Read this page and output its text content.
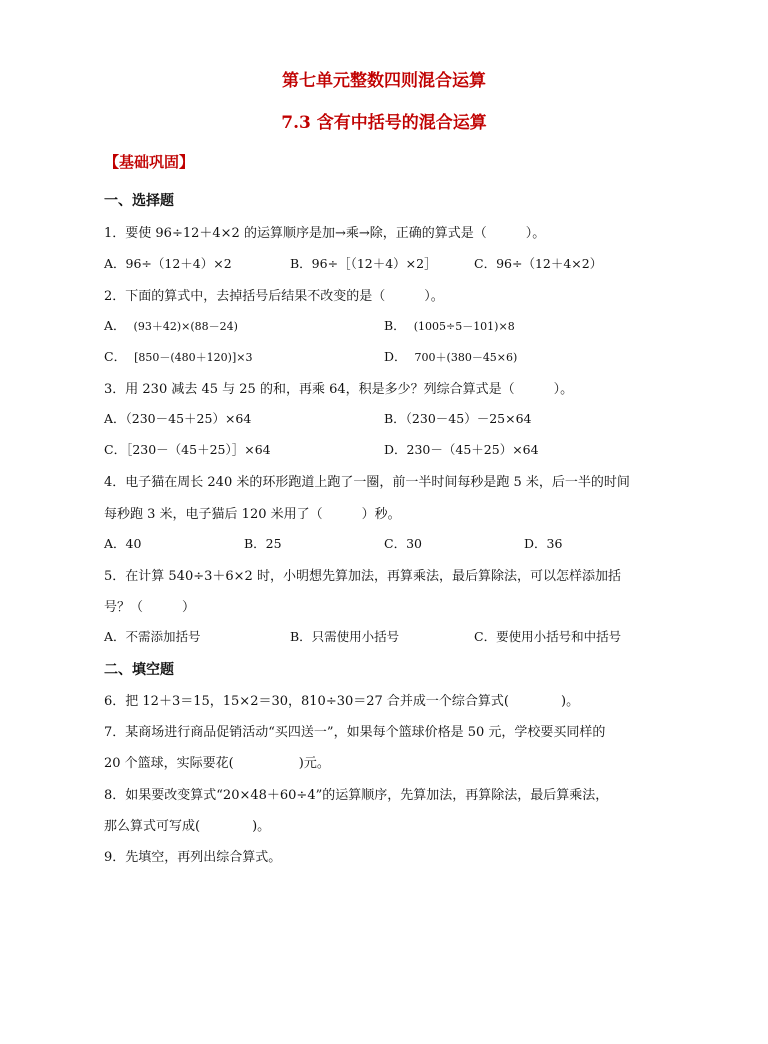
第七单元整数四则混合运算
7.3 含有中括号的混合运算
【基础巩固】
一、选择题
1．要使 96÷12＋4×2 的运算顺序是加→乘→除，正确的算式是（　　　）。
A．96÷（12＋4）×2	B．96÷［（12＋4）×2］	C．96÷（12＋4×2）
2．下面的算式中，去掉括号后结果不改变的是（　　　）。
A． (93＋42)×(88－24)	B． (1005÷5－101)×8
C． [850－(480＋120)]×3	D． 700＋(380－45×6)
3．用 230 减去 45 与 25 的和，再乘 64，积是多少？列综合算式是（　　　）。
A．（230－45＋25）×64	B．（230－45）－25×64
C．［230－（45＋25）］×64	D．230－（45＋25）×64
4．电子猫在周长 240 米的环形跑道上跑了一圈，前一半时间每秒是跑 5 米，后一半的时间
每秒跑 3 米，电子猫后 120 米用了（　　　）秒。
A．40	B．25	C．30	D．36
5．在计算 540÷3＋6×2 时，小明想先算加法，再算乘法，最后算除法，可以怎样添加括
号？（　　　）
A．不需添加括号	B．只需使用小括号	C．要使用小括号和中括号
二、填空题
6．把 12＋3＝15，15×2＝30，810÷30＝27 合并成一个综合算式(　　　　)。
7．某商场进行商品促销活动“买四送一”，如果每个篮球价格是 50 元，学校要买同样的
20 个篮球，实际要花(　　　　　)元。
8．如果要改变算式“20×48＋60÷4”的运算顺序，先算加法，再算除法，最后算乘法，
那么算式可写成(　　　　)。
9．先填空，再列出综合算式。
